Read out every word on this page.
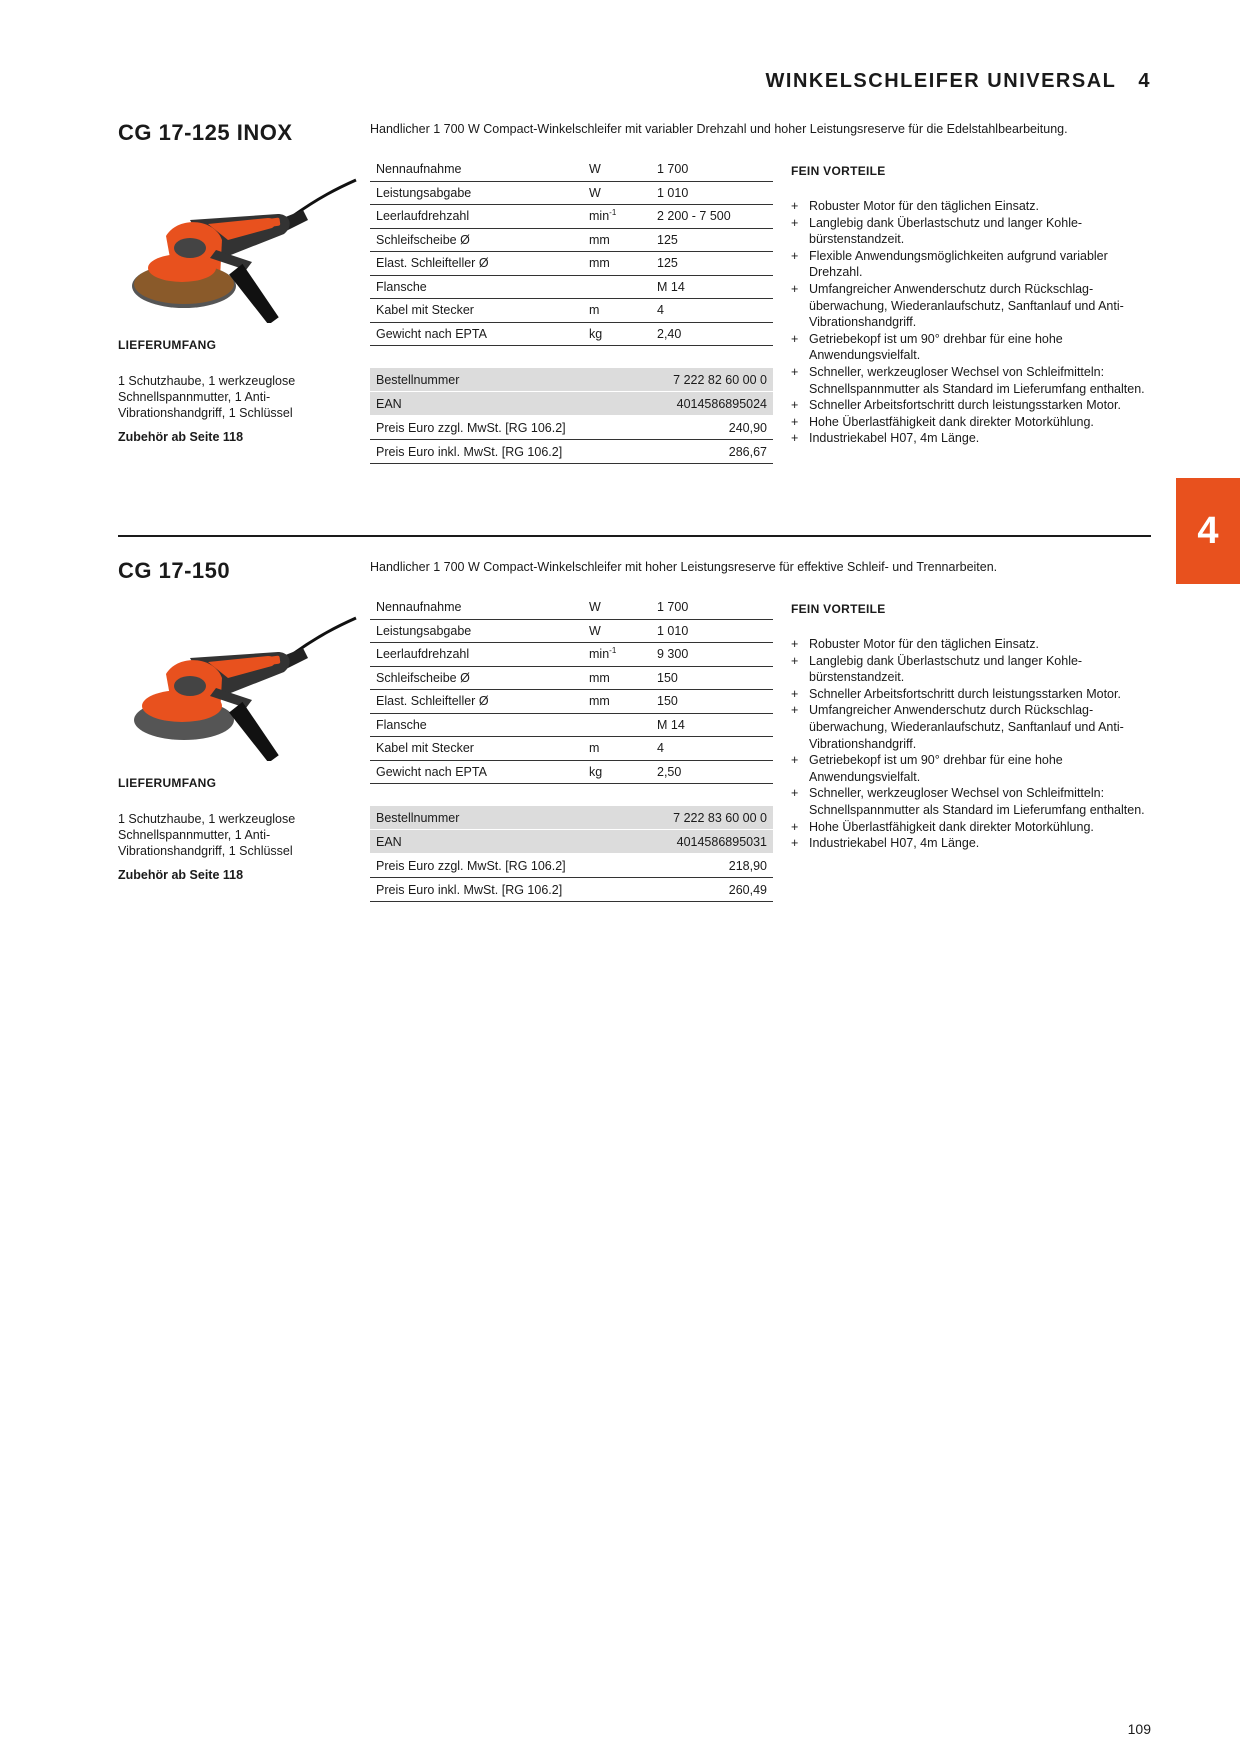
WINKELSCHLEIFER UNIVERSAL 4
4
CG 17-125 INOX	Handlicher 1 700 W Compact-Winkelschleifer mit variabler Drehzahl und hoher Leistungsreserve für die Edelstahlbearbeitung.
LIEFERUMFANG
1 Schutzhaube, 1 werkzeuglose Schnellspannmutter, 1 Anti-Vibrationshandgriff, 1 Schlüssel
Zubehör ab Seite 118
Nennaufnahme	W	1 700
Leistungsabgabe	W	1 010
Leerlaufdrehzahl	$\min^{-1}$	2 200 - 7 500
Schleifscheibe Ø	mm	125
Elast. Schleifteller Ø	mm	125
Flansche		M 14
Kabel mit Stecker	m	4
Gewicht nach EPTA	kg	2,40
Bestellnummer	7 222 82 60 00 0
EAN	4014586895024
Preis Euro zzgl. MwSt. [RG 106.2]	240,90
Preis Euro inkl. MwSt. [RG 106.2]	286,67
FEIN VORTEILE
+ Robuster Motor für den täglichen Einsatz.
+ Langlebig dank Überlastschutz und langer Kohle-bürstenstandzeit.
+ Flexible Anwendungsmöglichkeiten aufgrund variabler Drehzahl.
+ Umfangreicher Anwenderschutz durch Rückschlag-überwachung, Wiederanlaufschutz, Sanftanlauf und Anti-Vibrationshandgriff.
+ Getriebekopf ist um 90° drehbar für eine hohe Anwendungsvielfalt.
+ Schneller, werkzeugloser Wechsel von Schleifmitteln: Schnellspannmutter als Standard im Lieferumfang enthalten.
+ Schneller Arbeitsfortschritt durch leistungsstarken Motor.
+ Hohe Überlastfähigkeit dank direkter Motorkühlung.
+ Industriekabel H07, 4m Länge.
CG 17-150	Handlicher 1 700 W Compact-Winkelschleifer mit hoher Leistungsreserve für effektive Schleif- und Trennarbeiten.
LIEFERUMFANG
1 Schutzhaube, 1 werkzeuglose Schnellspannmutter, 1 Anti-Vibrationshandgriff, 1 Schlüssel
Zubehör ab Seite 118
Nennaufnahme	W	1 700
Leistungsabgabe	W	1 010
Leerlaufdrehzahl	$\min^{-1}$	9 300
Schleifscheibe Ø	mm	150
Elast. Schleifteller Ø	mm	150
Flansche		M 14
Kabel mit Stecker	m	4
Gewicht nach EPTA	kg	2,50
Bestellnummer	7 222 83 60 00 0
EAN	4014586895031
Preis Euro zzgl. MwSt. [RG 106.2]	218,90
Preis Euro inkl. MwSt. [RG 106.2]	260,49
FEIN VORTEILE
+ Robuster Motor für den täglichen Einsatz.
+ Langlebig dank Überlastschutz und langer Kohle-bürstenstandzeit.
+ Schneller Arbeitsfortschritt durch leistungsstarken Motor.
+ Umfangreicher Anwenderschutz durch Rückschlag-überwachung, Wiederanlaufschutz, Sanftanlauf und Anti-Vibrationshandgriff.
+ Getriebekopf ist um 90° drehbar für eine hohe Anwendungsvielfalt.
+ Schneller, werkzeugloser Wechsel von Schleifmitteln: Schnellspannmutter als Standard im Lieferumfang enthalten.
+ Hohe Überlastfähigkeit dank direkter Motorkühlung.
+ Industriekabel H07, 4m Länge.
109
